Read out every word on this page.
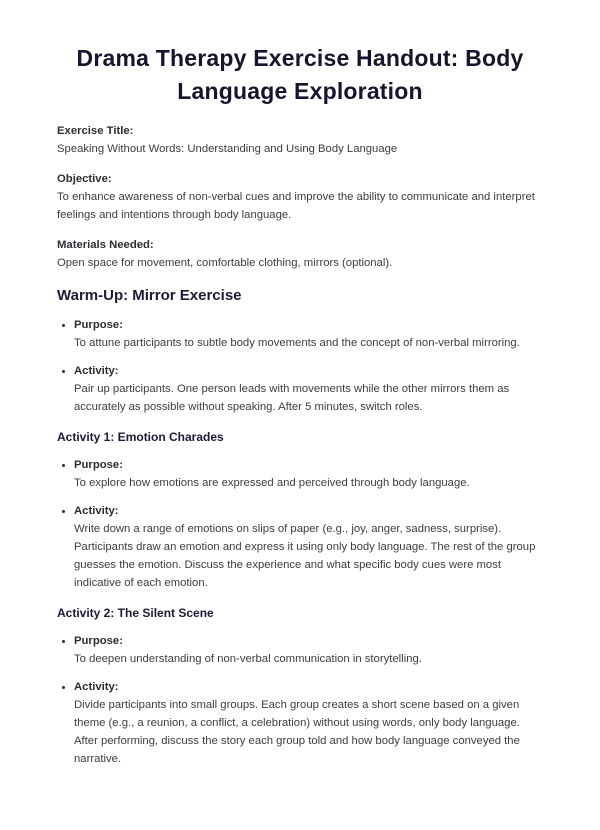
Drama Therapy Exercise Handout: Body
Language Exploration

Exercise Title:
Speaking Without Words: Understanding and Using Body Language

Objective:
To enhance awareness of non-verbal cues and improve the ability to communicate and interpret feelings and intentions through body language.

Materials Needed:
Open space for movement, comfortable clothing, mirrors (optional).

Warm-Up: Mirror Exercise
• Purpose:
To attune participants to subtle body movements and the concept of non-verbal mirroring.
• Activity:
Pair up participants. One person leads with movements while the other mirrors them as accurately as possible without speaking. After 5 minutes, switch roles.
Activity 1: Emotion Charades
• Purpose:
To explore how emotions are expressed and perceived through body language.
• Activity:
Write down a range of emotions on slips of paper (e.g., joy, anger, sadness, surprise). Participants draw an emotion and express it using only body language. The rest of the group guesses the emotion. Discuss the experience and what specific body cues were most indicative of each emotion.
Activity 2: The Silent Scene
• Purpose:
To deepen understanding of non-verbal communication in storytelling.
• Activity:
Divide participants into small groups. Each group creates a short scene based on a given theme (e.g., a reunion, a conflict, a celebration) without using words, only body language. After performing, discuss the story each group told and how body language conveyed the narrative.
